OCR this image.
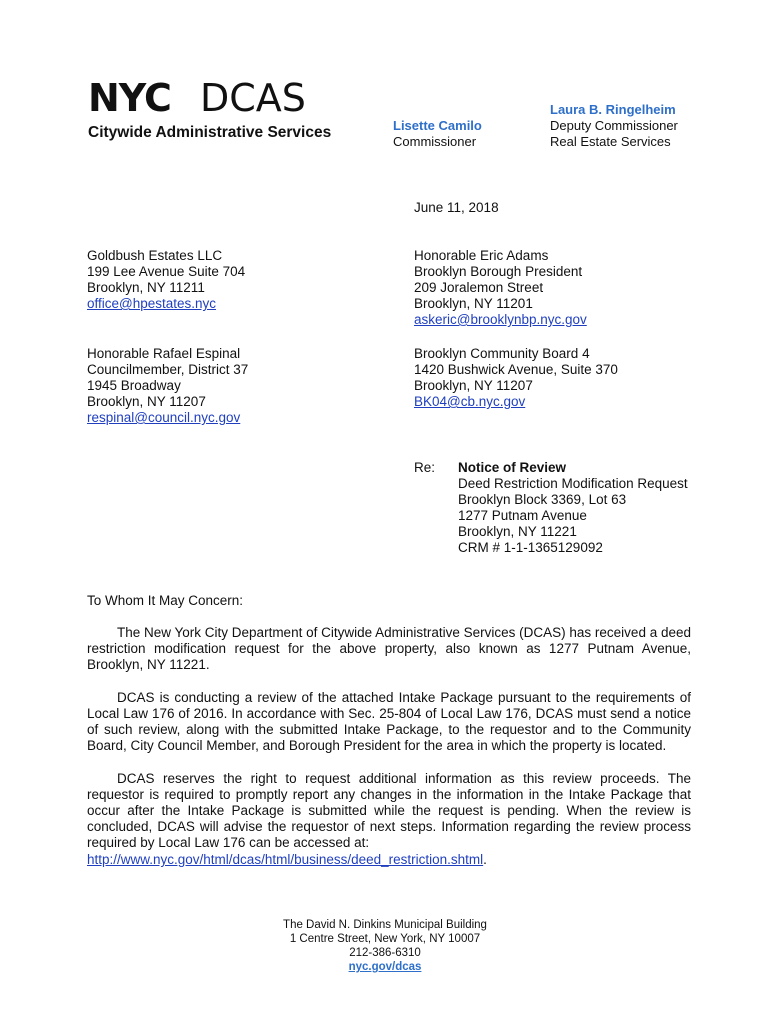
NYC DCAS
Citywide Administrative Services	Lisette Camilo
Commissioner
Laura B. Ringelheim
Deputy Commissioner
Real Estate Services
June 11, 2018
Goldbush Estates LLC
199 Lee Avenue Suite 704
Brooklyn, NY 11211
office@hpestates.nyc
Honorable Eric Adams
Brooklyn Borough President
209 Joralemon Street
Brooklyn, NY 11201
askeric@brooklynbp.nyc.gov
Honorable Rafael Espinal
Councilmember, District 37
1945 Broadway
Brooklyn, NY 11207
respinal@council.nyc.gov
Brooklyn Community Board 4
1420 Bushwick Avenue, Suite 370
Brooklyn, NY 11207
BK04@cb.nyc.gov
Re: Notice of Review
Deed Restriction Modification Request
Brooklyn Block 3369, Lot 63
1277 Putnam Avenue
Brooklyn, NY 11221
CRM # 1-1-1365129092
To Whom It May Concern:
The New York City Department of Citywide Administrative Services (DCAS) has received a deed restriction modification request for the above property, also known as 1277 Putnam Avenue, Brooklyn, NY 11221.
DCAS is conducting a review of the attached Intake Package pursuant to the requirements of Local Law 176 of 2016. In accordance with Sec. 25-804 of Local Law 176, DCAS must send a notice of such review, along with the submitted Intake Package, to the requestor and to the Community Board, City Council Member, and Borough President for the area in which the property is located.
DCAS reserves the right to request additional information as this review proceeds. The requestor is required to promptly report any changes in the information in the Intake Package that occur after the Intake Package is submitted while the request is pending. When the review is concluded, DCAS will advise the requestor of next steps. Information regarding the review process required by Local Law 176 can be accessed at:
http://www.nyc.gov/html/dcas/html/business/deed_restriction.shtml.
The David N. Dinkins Municipal Building
1 Centre Street, New York, NY 10007
212-386-6310
nyc.gov/dcas
